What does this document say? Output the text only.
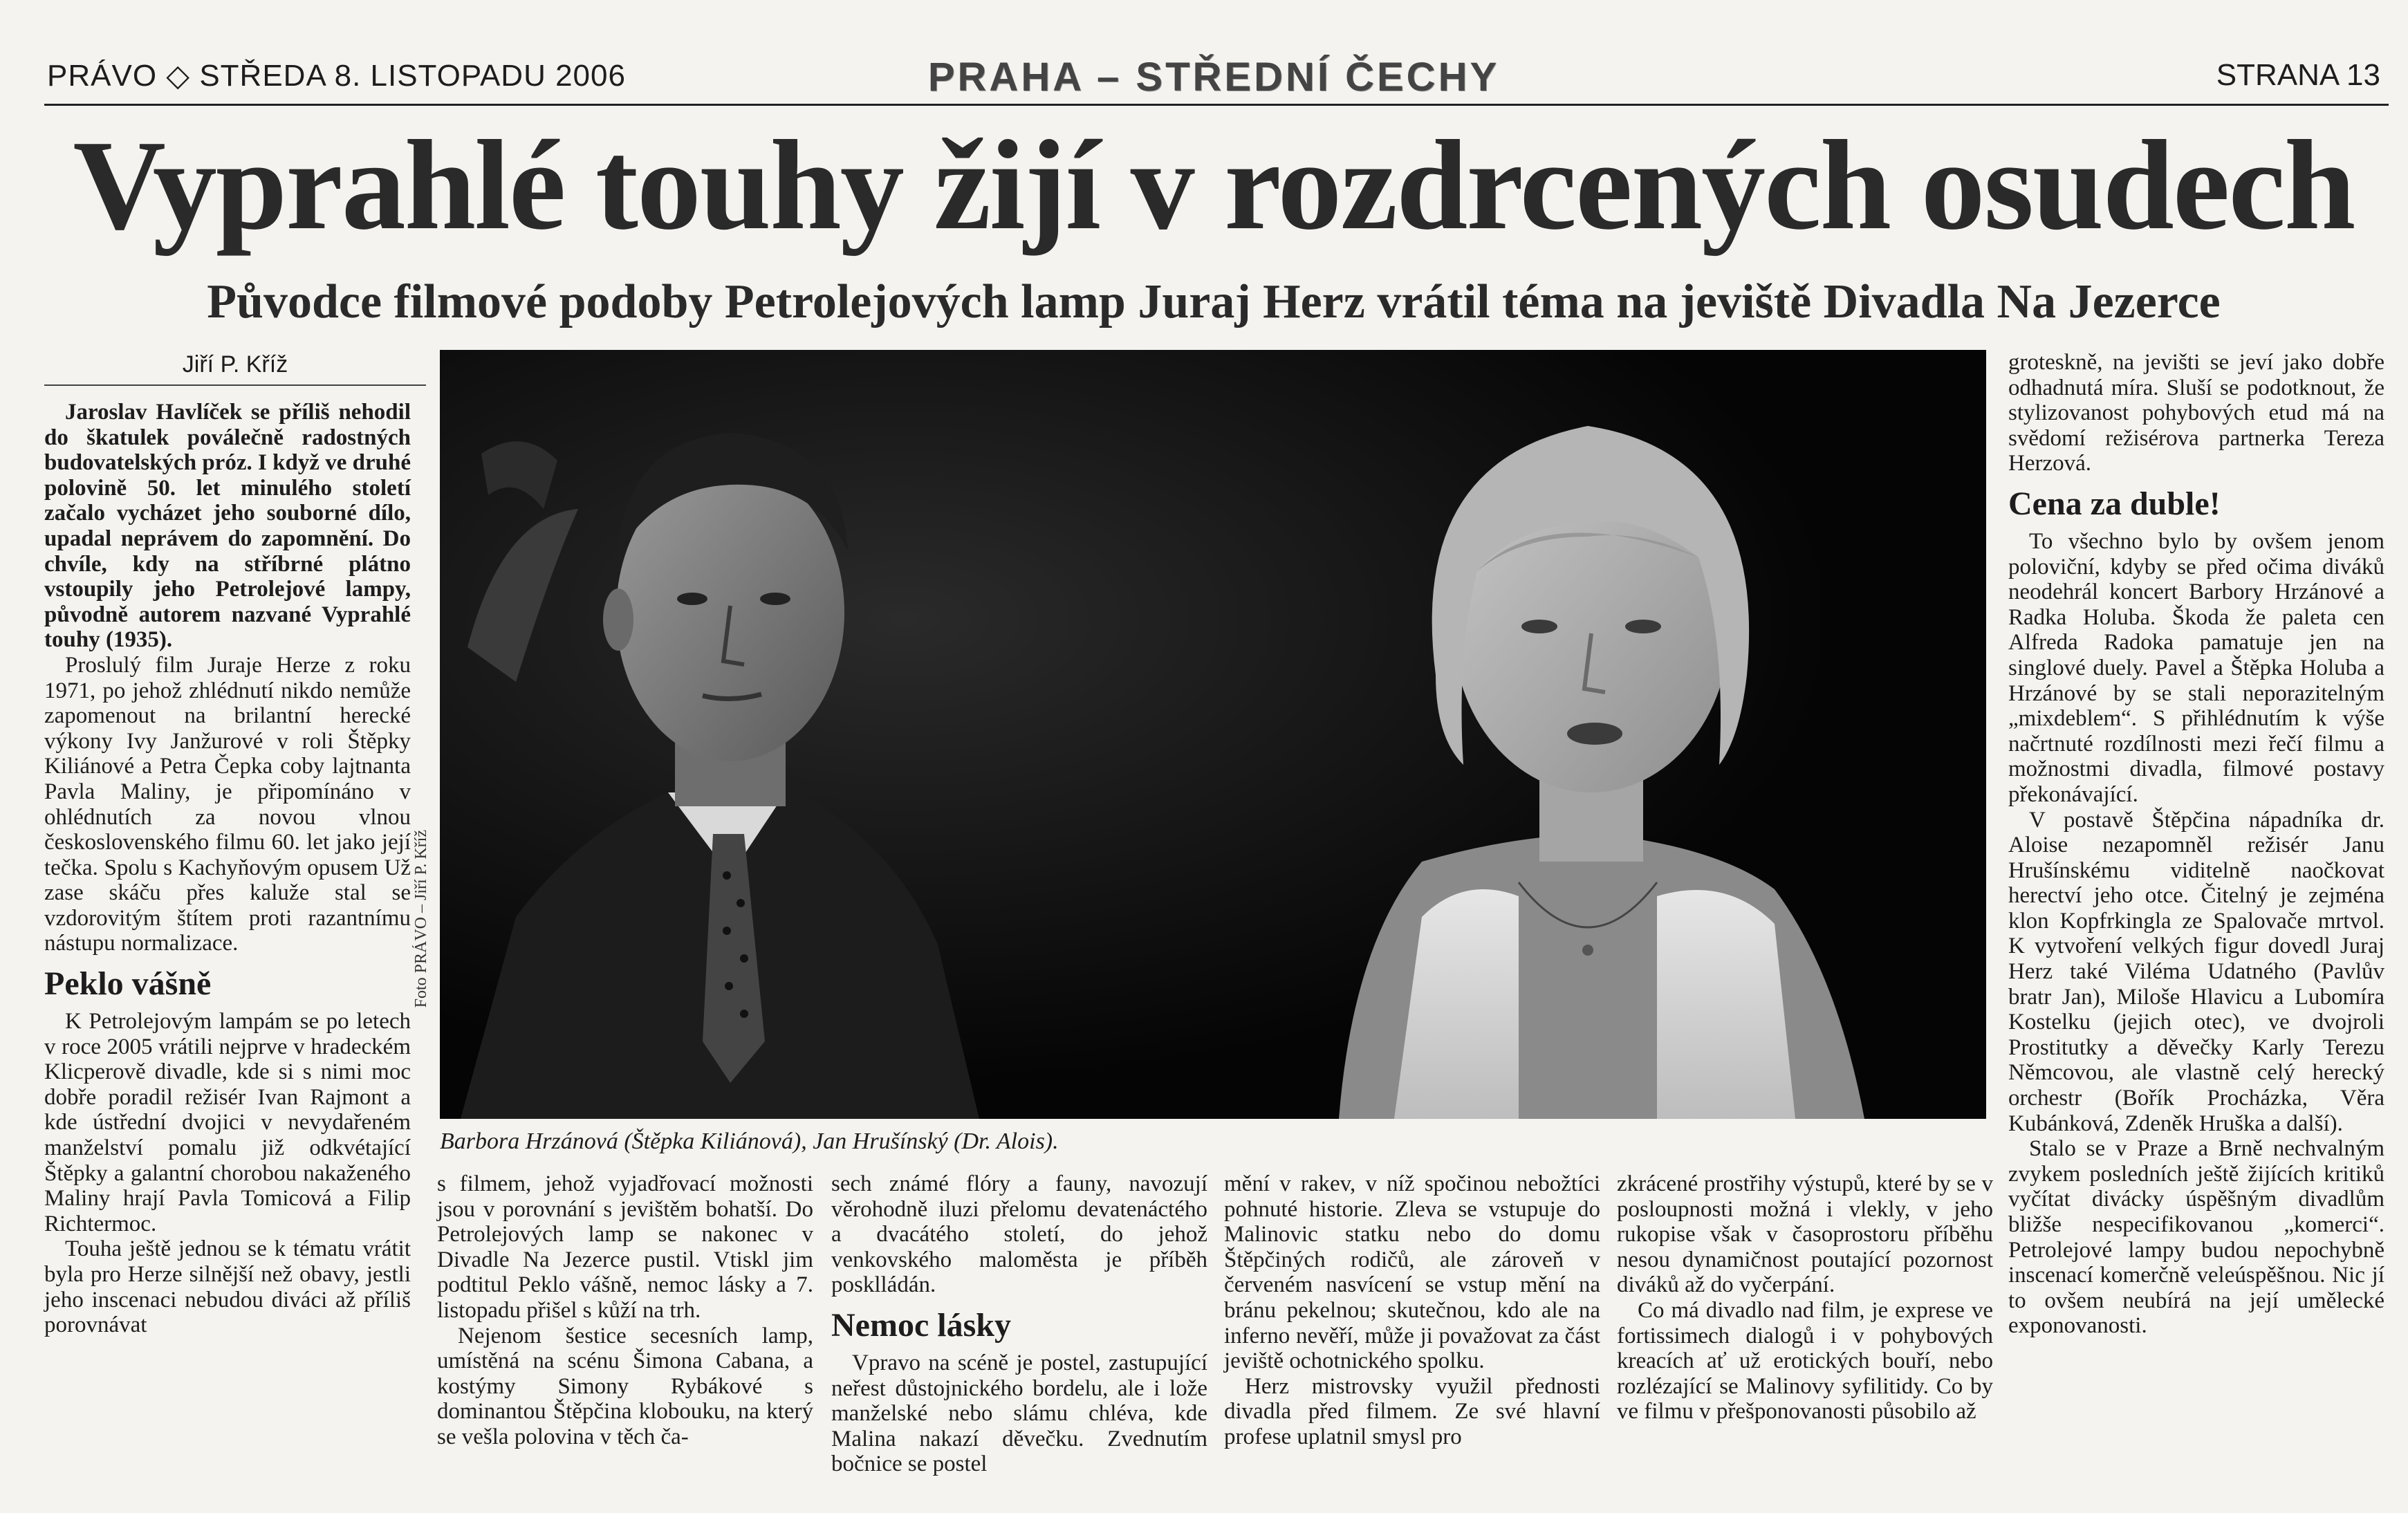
PRÁVO ◇ STŘEDA 8. LISTOPADU 2006	PRAHA – STŘEDNÍ ČECHY	STRANA 13
Vyprahlé touhy žijí v rozdrcených osudech
Původce filmové podoby Petrolejových lamp Juraj Herz vrátil téma na jeviště Divadla Na Jezerce
Jiří P. Kříž

Jaroslav Havlíček se příliš nehodil do škatulek poválečně radostných budovatelských próz. I když ve druhé polovině 50. let minulého století začalo vycházet jeho souborné dílo, upadal neprávem do zapomnění. Do chvíle, kdy na stříbrné plátno vstoupily jeho Petrolejové lampy, původně autorem nazvané Vyprahlé touhy (1935).

Proslulý film Juraje Herze z roku 1971, po jehož zhlédnutí nikdo nemůže zapomenout na brilantní herecké výkony Ivy Janžurové v roli Štěpky Kiliánové a Petra Čepka coby lajtnanta Pavla Maliny, je připomínáno v ohlédnutích za novou vlnou československého filmu 60. let jako její tečka. Spolu s Kachyňovým opusem Už zase skáču přes kaluže stal se vzdorovitým štítem proti razantnímu nástupu normalizace.

Peklo vášně

K Petrolejovým lampám se po letech v roce 2005 vrátili nejprve v hradeckém Klicperově divadle, kde si s nimi moc dobře poradil režisér Ivan Rajmont a kde ústřední dvojici v nevydařeném manželství pomalu již odkvétající Štěpky a galantní chorobou nakaženého Maliny hrají Pavla Tomicová a Filip Richtermoc.

Touha ještě jednou se k tématu vrátit byla pro Herze silnější než obavy, jestli jeho inscenaci nebudou diváci až příliš porovnávat

Foto PRÁVO – Jiří P. Kříž
Barbora Hrzánová (Štěpka Kiliánová), Jan Hrušínský (Dr. Alois).

s filmem, jehož vyjadřovací možnosti jsou v porovnání s jevištěm bohatší. Do Petrolejových lamp se nakonec v Divadle Na Jezerce pustil. Vtiskl jim podtitul Peklo vášně, nemoc lásky a 7. listopadu přišel s kůží na trh.

Nejenom šestice secesních lamp, umístěná na scénu Šimona Cabana, a kostýmy Simony Rybákové s dominantou Štěpčina klobouku, na který se vešla polovina v těch ča-

sech známé flóry a fauny, navozují věrohodně iluzi přelomu devatenáctého a dvacátého století, do jehož venkovského maloměsta je příběh posklládán.

Nemoc lásky

Vpravo na scéně je postel, zastupující neřest důstojnického bordelu, ale i lože manželské nebo slámu chléva, kde Malina nakazí děvečku. Zvednutím bočnice se postel

mění v rakev, v níž spočinou nebožtíci pohnuté historie. Zleva se vstupuje do Malinovic statku nebo do domu Štěpčiných rodičů, ale zároveň v červeném nasvícení se vstup mění na bránu pekelnou; skutečnou, kdo ale na inferno nevěří, může ji považovat za část jeviště ochotnického spolku.

Herz mistrovsky využil přednosti divadla před filmem. Ze své hlavní profese uplatnil smysl pro

zkrácené prostřihy výstupů, které by se v posloupnosti možná i vlekly, v jeho rukopise však v časoprostoru příběhu nesou dynamičnost poutající pozornost diváků až do vyčerpání.

Co má divadlo nad film, je exprese ve fortissimech dialogů i v pohybových kreacích ať už erotických bouří, nebo rozlézající se Malinovy syfilitidy. Co by ve filmu v přešponovanosti působilo až

groteskně, na jevišti se jeví jako dobře odhadnutá míra. Sluší se podotknout, že stylizovanost pohybových etud má na svědomí režisérova partnerka Tereza Herzová.

Cena za duble!

To všechno bylo by ovšem jenom poloviční, kdyby se před očima diváků neodehrál koncert Barbory Hrzánové a Radka Holuba. Škoda že paleta cen Alfreda Radoka pamatuje jen na singlové duely. Pavel a Štěpka Holuba a Hrzánové by se stali neporazitelným „mixdeblem“. S přihlédnutím k výše načrtnuté rozdílnosti mezi řečí filmu a možnostmi divadla, filmové postavy překonávající.

V postavě Štěpčina nápadníka dr. Aloise nezapomněl režisér Janu Hrušínskému viditelně naočkovat herectví jeho otce. Čitelný je zejména klon Kopfrkingla ze Spalovače mrtvol. K vytvoření velkých figur dovedl Juraj Herz také Viléma Udatného (Pavlův bratr Jan), Miloše Hlavicu a Lubomíra Kostelku (jejich otec), ve dvojroli Prostitutky a děvečky Karly Terezu Němcovou, ale vlastně celý herecký orchestr (Bořík Procházka, Věra Kubánková, Zdeněk Hruška a další).

Stalo se v Praze a Brně nechvalným zvykem posledních ještě žijících kritiků vyčítat divácky úspěšným divadlům bližše nespecifikovanou „komerci“. Petrolejové lampy budou nepochybně inscenací komerčně veleúspěšnou. Nic jí to ovšem neubírá na její umělecké exponovanosti.
